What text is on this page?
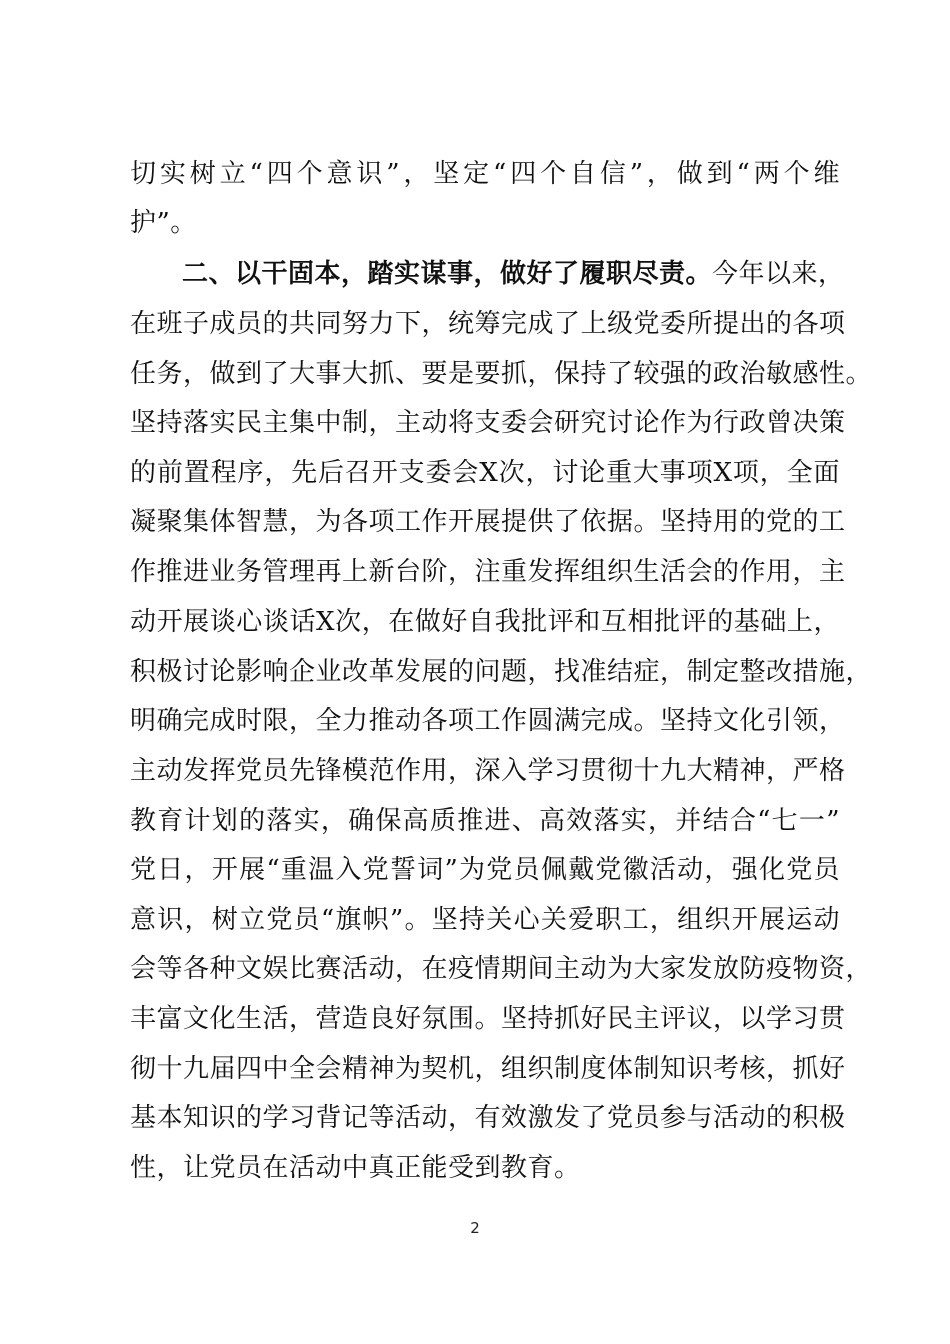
切实树立“四个意识”，坚定“四个自信”，做到“两个维
护”。
二、以干固本，踏实谋事，做好了履职尽责。今年以来，
在班子成员的共同努力下，统筹完成了上级党委所提出的各项
任务，做到了大事大抓、要是要抓，保持了较强的政治敏感性。
坚持落实民主集中制，主动将支委会研究讨论作为行政曾决策
的前置程序，先后召开支委会X次，讨论重大事项X项，全面
凝聚集体智慧，为各项工作开展提供了依据。坚持用的党的工
作推进业务管理再上新台阶，注重发挥组织生活会的作用，主
动开展谈心谈话X次，在做好自我批评和互相批评的基础上，
积极讨论影响企业改革发展的问题，找准结症，制定整改措施，
明确完成时限，全力推动各项工作圆满完成。坚持文化引领，
主动发挥党员先锋模范作用，深入学习贯彻十九大精神，严格
教育计划的落实，确保高质推进、高效落实，并结合“七一”
党日，开展“重温入党誓词”为党员佩戴党徽活动，强化党员
意识，树立党员“旗帜”。坚持关心关爱职工，组织开展运动
会等各种文娱比赛活动，在疫情期间主动为大家发放防疫物资，
丰富文化生活，营造良好氛围。坚持抓好民主评议，以学习贯
彻十九届四中全会精神为契机，组织制度体制知识考核，抓好
基本知识的学习背记等活动，有效激发了党员参与活动的积极
性，让党员在活动中真正能受到教育。
2
